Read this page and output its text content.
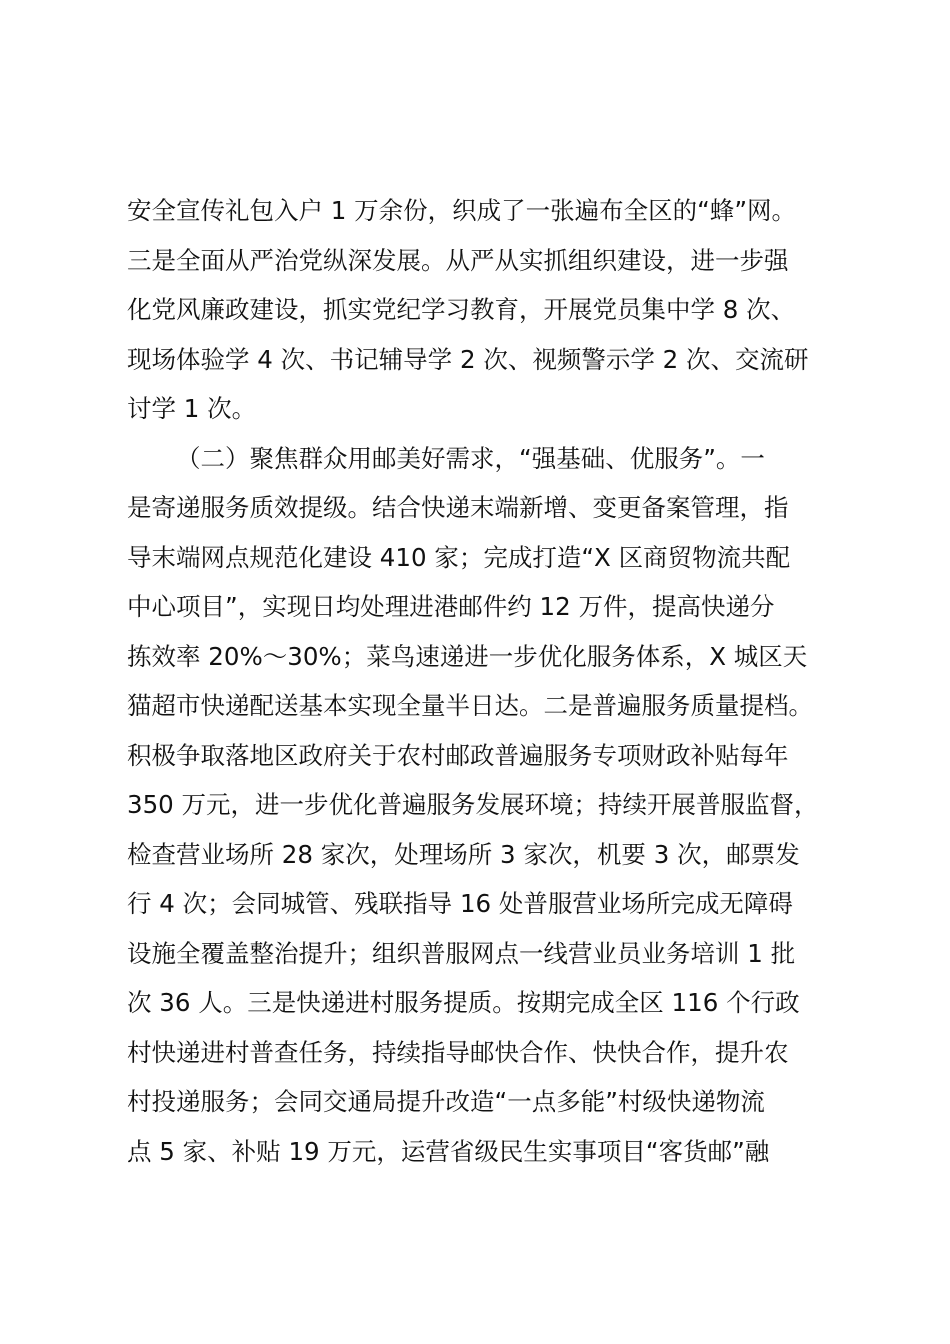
安全宣传礼包入户 1 万余份，织成了一张遍布全区的“蜂”网。
三是全面从严治党纵深发展。从严从实抓组织建设，进一步强
化党风廉政建设，抓实党纪学习教育，开展党员集中学 8 次、
现场体验学 4 次、书记辅导学 2 次、视频警示学 2 次、交流研
讨学 1 次。
（二）聚焦群众用邮美好需求，“强基础、优服务”。一
是寄递服务质效提级。结合快递末端新增、变更备案管理，指
导末端网点规范化建设 410 家；完成打造“X 区商贸物流共配
中心项目”，实现日均处理进港邮件约 12 万件，提高快递分
拣效率 20%～30%；菜鸟速递进一步优化服务体系，X 城区天
猫超市快递配送基本实现全量半日达。二是普遍服务质量提档。
积极争取落地区政府关于农村邮政普遍服务专项财政补贴每年
350 万元，进一步优化普遍服务发展环境；持续开展普服监督，
检查营业场所 28 家次，处理场所 3 家次，机要 3 次，邮票发
行 4 次；会同城管、残联指导 16 处普服营业场所完成无障碍
设施全覆盖整治提升；组织普服网点一线营业员业务培训 1 批
次 36 人。三是快递进村服务提质。按期完成全区 116 个行政
村快递进村普查任务，持续指导邮快合作、快快合作，提升农
村投递服务；会同交通局提升改造“一点多能”村级快递物流
点 5 家、补贴 19 万元，运营省级民生实事项目“客货邮”融
